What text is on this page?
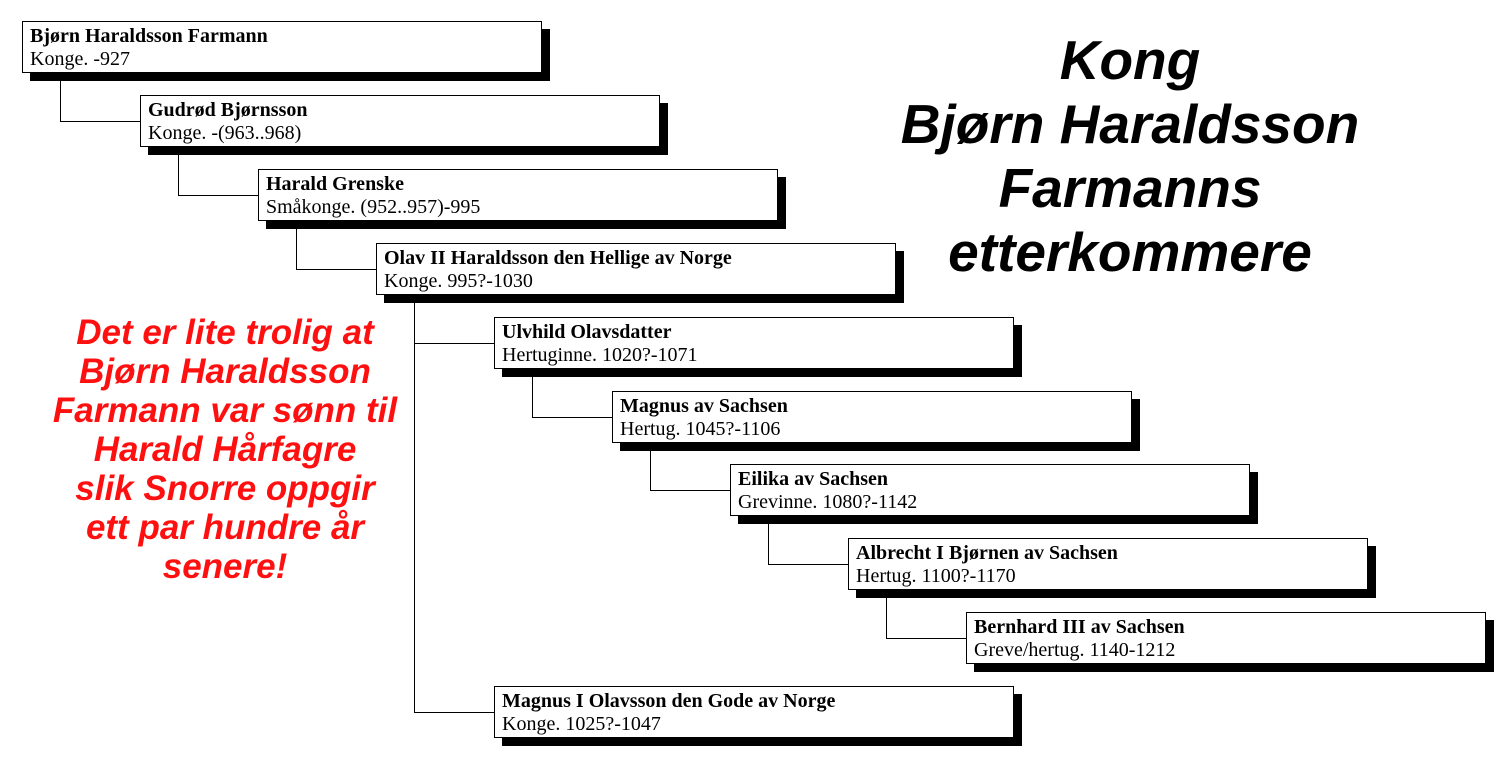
Bjørn Haraldsson Farmann
Konge. -927
Gudrød Bjørnsson
Konge. -(963..968)
Harald Grenske
Småkonge. (952..957)-995
Olav II Haraldsson den Hellige av Norge
Konge. 995?-1030
Ulvhild Olavsdatter
Hertuginne. 1020?-1071
Magnus av Sachsen
Hertug. 1045?-1106
Eilika av Sachsen
Grevinne. 1080?-1142
Albrecht I Bjørnen av Sachsen
Hertug. 1100?-1170
Bernhard III av Sachsen
Greve/hertug. 1140-1212
Magnus I Olavsson den Gode av Norge
Konge. 1025?-1047
Kong
Bjørn Haraldsson
Farmanns
etterkommere

Det er lite trolig at
Bjørn Haraldsson
Farmann var sønn til
Harald Hårfagre
slik Snorre oppgir
ett par hundre år
senere!
